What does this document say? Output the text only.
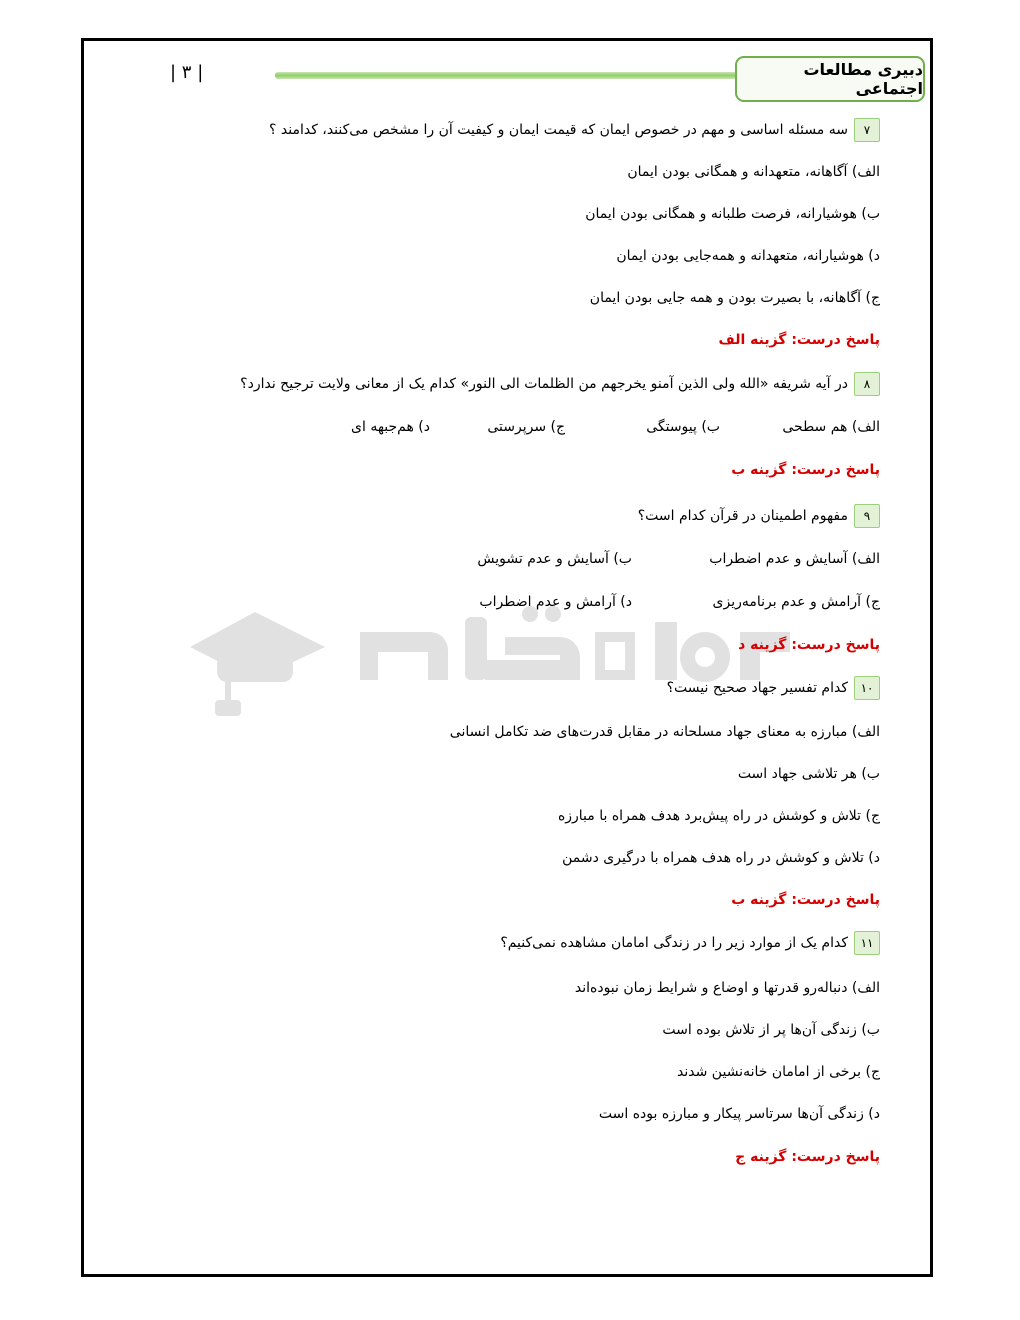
| ۳ |	دبیری مطالعات اجتماعی
۷
سه مسئله اساسی و مهم در خصوص ایمان که قیمت ایمان و کیفیت آن را مشخص می‌کنند، کدامند ؟
الف) آگاهانه، متعهدانه و همگانی بودن ایمان
ب) هوشیارانه، فرصت طلبانه و همگانی بودن ایمان
د) هوشیارانه، متعهدانه و همه‌جایی بودن ایمان
ج) آگاهانه، با بصیرت بودن و همه جایی بودن ایمان
پاسخ درست: گزینه الف
۸
در آیه شریفه «الله ولی الذین آمنو یخرجهم من الظلمات الی النور» کدام یک از معانی ولایت ترجیح ندارد؟
الف) هم سطحی
ب) پیوستگی
ج) سرپرستی
د) هم‌جبهه ای
پاسخ درست: گزینه ب
۹
مفهوم اطمینان در قرآن کدام است؟
الف) آسایش و عدم اضطراب
ب) آسایش و عدم تشویش
ج) آرامش و عدم برنامه‌ریزی
د) آرامش و عدم اضطراب
پاسخ درست: گزینه د
۱۰
کدام تفسیر جهاد صحیح نیست؟
الف) مبارزه به معنای جهاد مسلحانه در مقابل قدرت‌های ضد تکامل انسانی
ب) هر تلاشی جهاد است
ج) تلاش و کوشش در راه پیش‌برد هدف همراه با مبارزه
د) تلاش و کوشش در راه هدف همراه با درگیری دشمن
پاسخ درست: گزینه ب
۱۱
کدام یک از موارد زیر را در زندگی امامان مشاهده نمی‌کنیم؟
الف) دنباله‌رو قدرتها و اوضاع و شرایط زمان نبوده‌اند
ب) زندگی آن‌ها پر از تلاش بوده است
ج) برخی از امامان خانه‌نشین شدند
د) زندگی آن‌ها سرتاسر پیکار و مبارزه بوده است
پاسخ درست: گزینه ج
